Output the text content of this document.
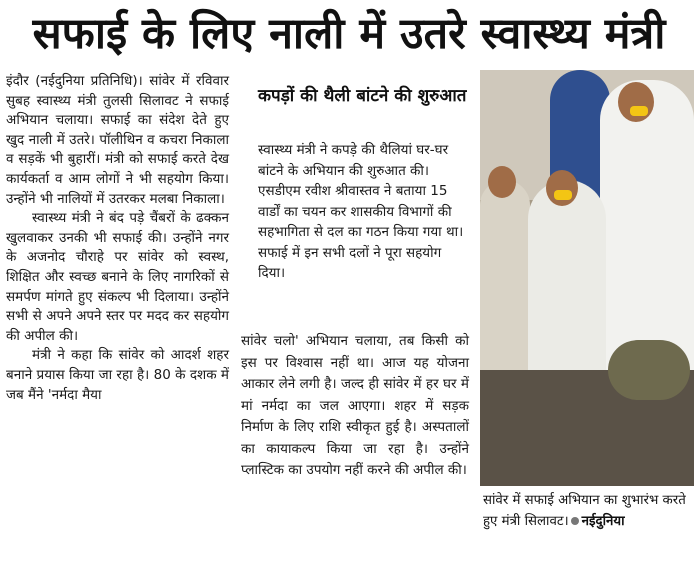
सफाई के लिए नाली में उतरे स्वास्थ्य मंत्री

इंदौर (नईदुनिया प्रतिनिधि)। सांवेर में रविवार सुबह स्वास्थ्य मंत्री तुलसी सिलावट ने सफाई अभियान चलाया। सफाई का संदेश देते हुए खुद नाली में उतरे। पॉलीथिन व कचरा निकाला व सड़कें भी बुहारीं। मंत्री को सफाई करते देख कार्यकर्ता व आम लोगों ने भी सहयोग किया। उन्होंने भी नालियों में उतरकर मलबा निकाला।

स्वास्थ्य मंत्री ने बंद पड़े चैंबरों के ढक्कन खुलवाकर उनकी भी सफाई की। उन्होंने नगर के अजनोद चौराहे पर सांवेर को स्वस्थ, शिक्षित और स्वच्छ बनाने के लिए नागरिकों से समर्पण मांगते हुए संकल्प भी दिलाया। उन्होंने सभी से अपने अपने स्तर पर मदद कर सहयोग की अपील की।

मंत्री ने कहा कि सांवेर को आदर्श शहर बनाने प्रयास किया जा रहा है। 80 के दशक में जब मैंने 'नर्मदा मैया

कपड़ों की थैली बांटने की शुरुआत
स्वास्थ्य मंत्री ने कपड़े की थैलियां घर-घर बांटने के अभियान की शुरुआत की। एसडीएम रवीश श्रीवास्तव ने बताया 15 वार्डों का चयन कर शासकीय विभागों की सहभागिता से दल का गठन किया गया था। सफाई में इन सभी दलों ने पूरा सहयोग दिया।

सांवेर चलो' अभियान चलाया, तब किसी को इस पर विश्वास नहीं था। आज यह योजना आकार लेने लगी है। जल्द ही सांवेर में हर घर में मां नर्मदा का जल आएगा। शहर में सड़क निर्माण के लिए राशि स्वीकृत हुई है। अस्पतालों का कायाकल्प किया जा रहा है। उन्होंने प्लास्टिक का उपयोग नहीं करने की अपील की।

सांवेर में सफाई अभियान का शुभारंभ करते हुए मंत्री सिलावट। नईदुनिया
